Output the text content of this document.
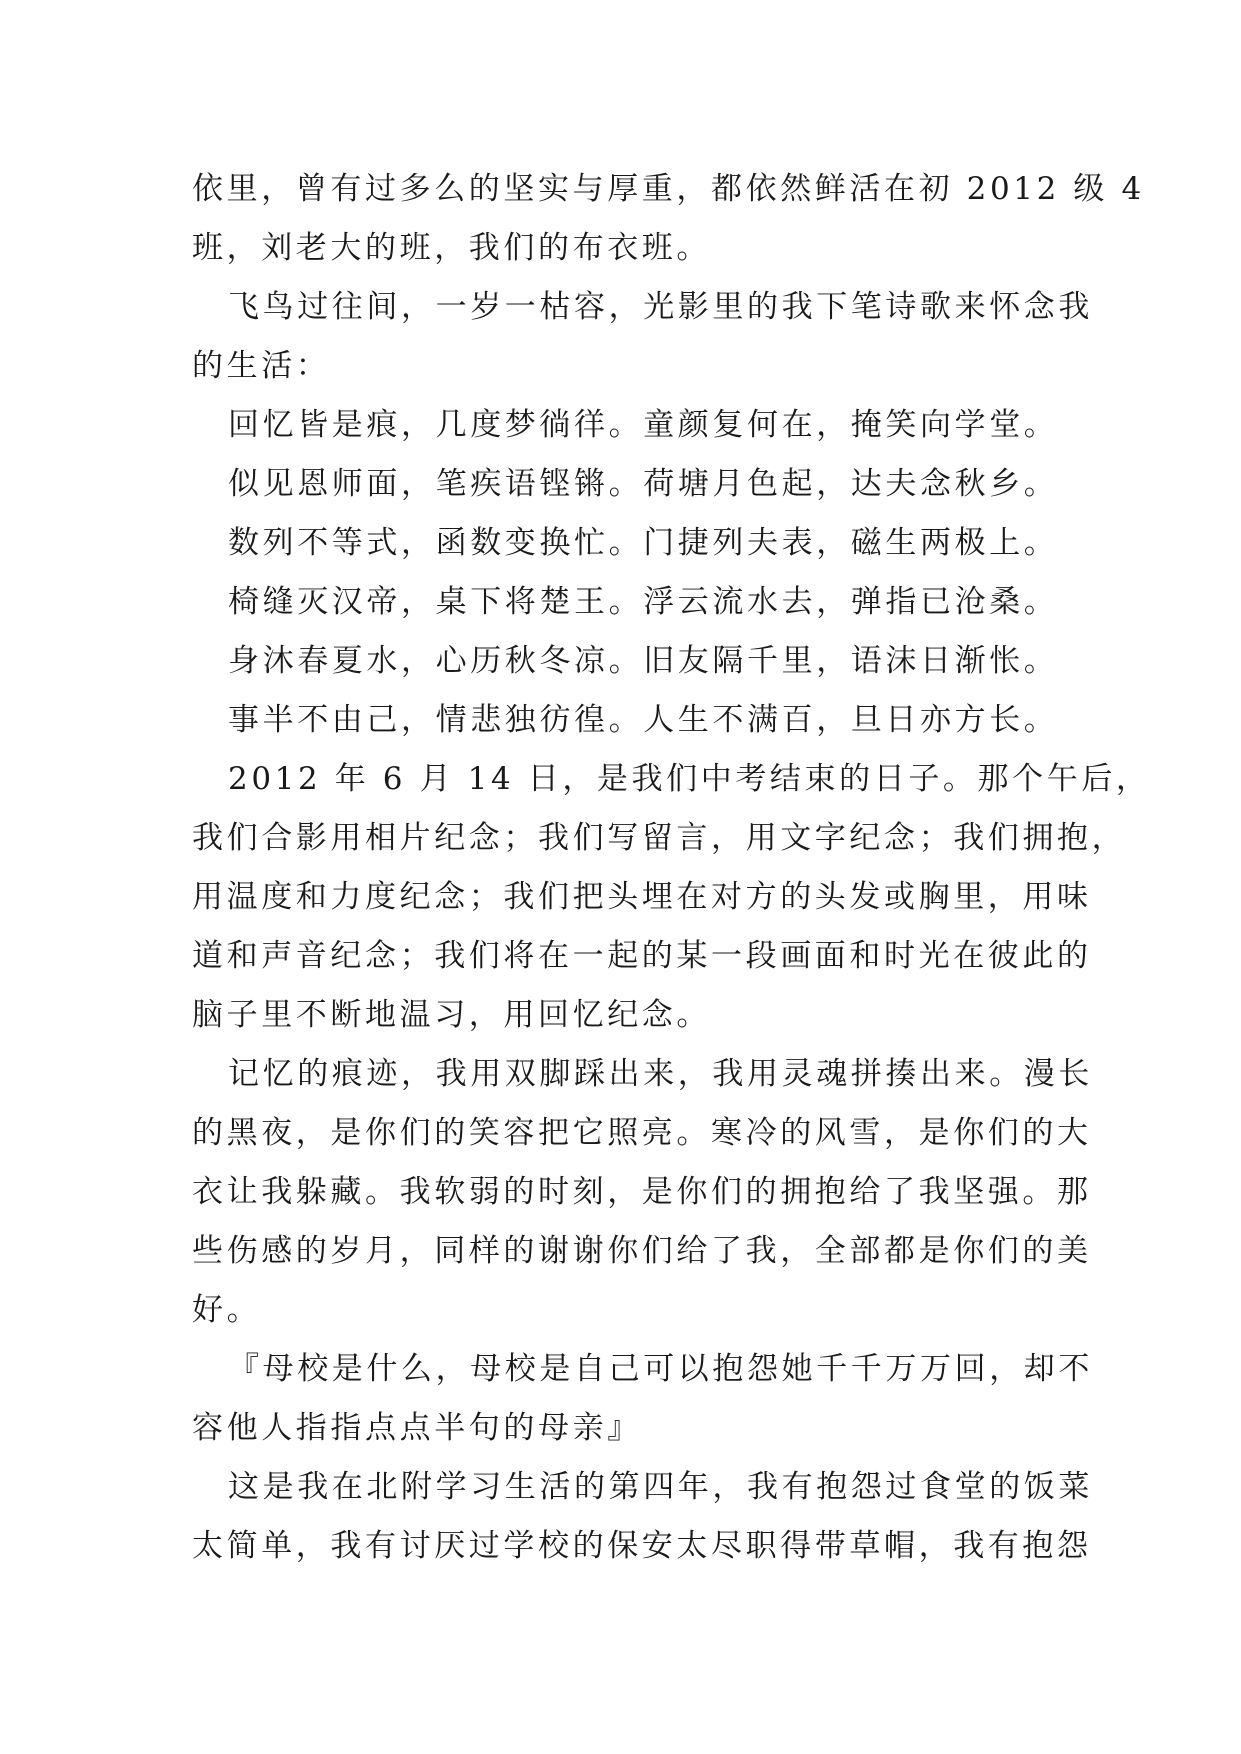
依里，曾有过多么的坚实与厚重，都依然鲜活在初 2012 级 4
班，刘老大的班，我们的布衣班。
飞鸟过往间，一岁一枯容，光影里的我下笔诗歌来怀念我
的生活：
回忆皆是痕，几度梦徜徉。童颜复何在，掩笑向学堂。
似见恩师面，笔疾语铿锵。荷塘月色起，达夫念秋乡。
数列不等式，函数变换忙。门捷列夫表，磁生两极上。
椅缝灭汉帝，桌下将楚王。浮云流水去，弹指已沧桑。
身沐春夏水，心历秋冬凉。旧友隔千里，语沫日渐怅。
事半不由己，情悲独彷徨。人生不满百，旦日亦方长。
2012 年 6 月 14 日，是我们中考结束的日子。那个午后，
我们合影用相片纪念；我们写留言，用文字纪念；我们拥抱，
用温度和力度纪念；我们把头埋在对方的头发或胸里，用味
道和声音纪念；我们将在一起的某一段画面和时光在彼此的
脑子里不断地温习，用回忆纪念。
记忆的痕迹，我用双脚踩出来，我用灵魂拼揍出来。漫长
的黑夜，是你们的笑容把它照亮。寒冷的风雪，是你们的大
衣让我躲藏。我软弱的时刻，是你们的拥抱给了我坚强。那
些伤感的岁月，同样的谢谢你们给了我，全部都是你们的美
好。
『母校是什么，母校是自己可以抱怨她千千万万回，却不
容他人指指点点半句的母亲』
这是我在北附学习生活的第四年，我有抱怨过食堂的饭菜
太简单，我有讨厌过学校的保安太尽职得带草帽，我有抱怨
